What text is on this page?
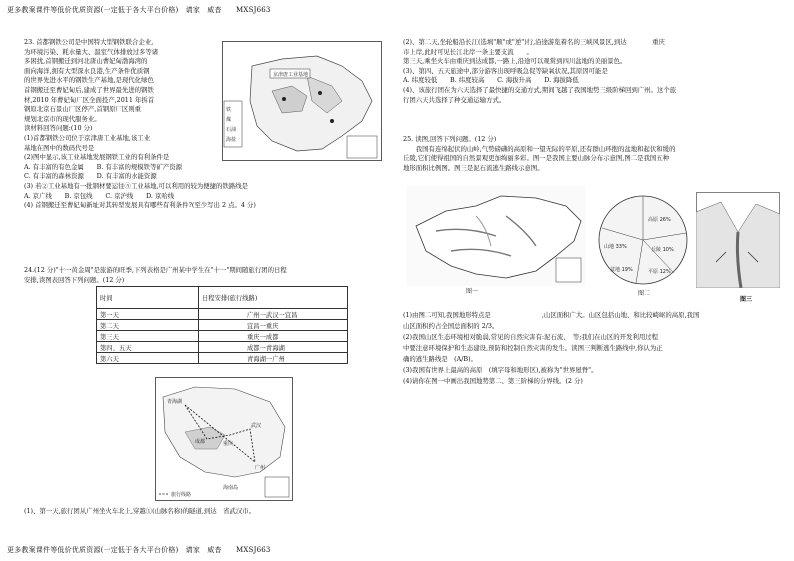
更多教案课件等低价优质资源(一定低于各大平台价格)　请家　威杳　　MXSJ663

23. 首都钢铁公司是中国特大型钢铁联合企业,

为环境污染、耗水量大、温室气体排放过多等诸

多困扰,首钢搬迁到河北唐山曹妃甸渤海湾的

面向海洋,拥有大型深水良港,生产条件优质钢

的世界先进水平的钢铁生产基地,是现代化绿色

首钢搬迁至曹妃甸后,建成了世界最先进的钢铁

材,2010 年曹妃甸厂区全面投产,2011 年拆首

钢原北京石景山厂区停产,首钢原厂区则重

规划北京市的现代服务业。

读材料回答问题:(10 分)

(1)首都钢铁公司位于京津唐工业基地,该工业

基地在图中的数码代号是

(2)图中显示,该工业基地发展钢铁工业的有利条件是

A. 有丰富的有色金属　　B. 有丰富的规模铁等矿产资源

C. 有丰富的森林资源　　D. 有丰富的水能资源

(3) 若②工业基地有一批钢材要运往⑤工业基地,可以利用的较为便捷的铁路线是

A. 京广线　　B. 京包线　　C. 京沪线　　D. 京哈线

(4) 首钢搬迁至曹妃甸新址对其转型发展具有哪些有利条件?(至少写出 2 点。4 分)

京津唐工业基地
铁
煤
石油
海盐

24.(12 分)"十一黄金周"是旅游的旺季,下列表格是广州某中学生在"十一"期间随旅行团的日程

安排,读图表回答下列问题。(12 分)

时间	日程安排(旅行线路)
第一天	广州一武汉一宜昌
第二天	宜昌一重庆
第三天	重庆一成都
第四、五天	成都一青海湖
第六天	青海湖一广州
青海湖
成都	重庆
武汉
广州
海南岛
旅行线路

(1)、第一天,旅行团从广州坐火车北上,穿越①(山脉名称)的隧道,到达　省武汉市。

(2)、第二天,坐轮船沿长江(选填"顺"或"逆")行,沿途游览着名的三峡风景区,到达　　　　重庆

市上岸,此时可见长江北岸一条主要支流　　。

第三天,乘坐火车由重庆到达成都,一路上,沿途可以观赏到四川盆地的美丽景色。

(3)、第四、五天旅途中,部分游客出现呼吸急促等缺氧状况,其原因可能是

A. 纬度较低　　B. 纬度较高　　C. 海拔升高　　D. 海拔降低

(4)、该旅行团在为六天选择了最快捷的交通方式,期间飞越了我国地势三级阶梯回到广州。这个旅

行团六天共选择了种交通运输方式。

25. 读图,回答下列问题。(12 分)

　　我国有连绵起伏的山岭,气势磅礴的高原和一望无际的平原,还有群山环抱的盆地和起伏和缓的

丘陵,它们使得祖国的自然景观更加绚丽多彩。图一是我国主要山脉分布示意图,图二是我国五种

地形面积比例图。图三是泥石流逃生路线示意图。

图一
高原 26%
山地 33%	丘陵 10%
平原 12%
盆地 19%
图二
图三

(1)由图二可知,我国地形特点是　　　　　　　　,山区面积广大。山区包括山地、和比较崎岖的高原,我国

山区面积约占全国总面积的 2/3。

(2)我国山区生态环境相对脆弱,常见的自然灾害有:泥石流、　等;我们在山区的开发利用过程

中要注意环境保护和生态建设,预防和控制自然灾害的发生。读图三判断逃生路线中,你认为正

确的逃生路线是　(A/B)。

(3)我国有世界上最高的高原　(填字母和地形区),被称为"世界屋脊"。

(4)请你在图一中画出我国地势第二、第三阶梯的分界线。(2 分)

更多教案课件等低价优质资源(一定低于各大平台价格)　请家　威杳　　MXSJ663
